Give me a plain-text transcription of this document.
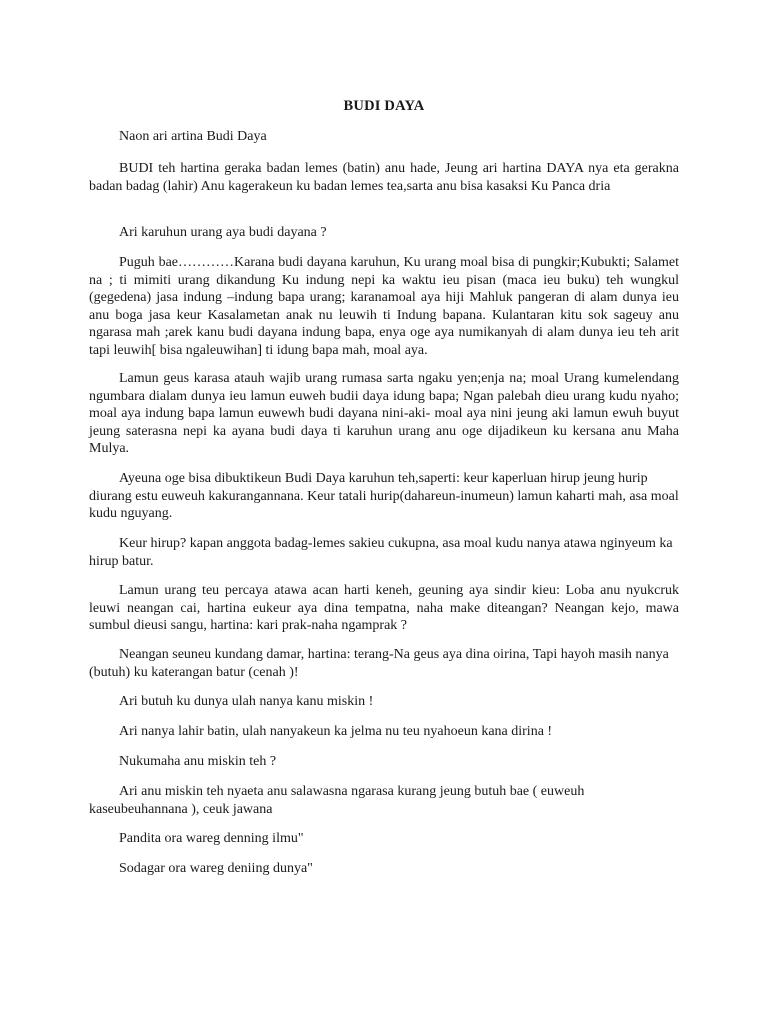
BUDI DAYA

Naon ari artina Budi Daya

BUDI teh hartina geraka badan lemes (batin) anu hade, Jeung ari hartina DAYA nya eta gerakna badan badag (lahir) Anu kagerakeun ku badan lemes tea,sarta anu bisa kasaksi Ku Panca dria

Ari karuhun urang aya budi dayana ?

Puguh bae…………Karana budi dayana karuhun, Ku urang moal bisa di pungkir;Kubukti; Salamet na ; ti mimiti urang dikandung Ku indung nepi ka waktu ieu pisan (maca ieu buku) teh wungkul (gegedena) jasa indung –indung bapa urang; karanamoal aya hiji Mahluk pangeran di alam dunya ieu anu boga jasa keur Kasalametan anak nu leuwih ti Indung bapana. Kulantaran kitu sok sageuy anu ngarasa mah ;arek kanu budi dayana indung bapa, enya oge aya numikanyah di alam dunya ieu teh arit tapi leuwih[ bisa ngaleuwihan] ti idung bapa mah, moal aya.

Lamun geus karasa atauh wajib urang rumasa sarta ngaku yen;enja na; moal Urang kumelendang ngumbara dialam dunya ieu lamun euweh budii daya idung bapa; Ngan palebah dieu urang kudu nyaho; moal aya indung bapa lamun euwewh budi dayana nini-aki- moal aya nini jeung aki lamun ewuh buyut jeung saterasna nepi ka ayana budi daya ti karuhun urang anu oge dijadikeun ku kersana anu Maha Mulya.

Ayeuna oge bisa dibuktikeun Budi Daya karuhun teh,saperti: keur kaperluan hirup jeung hurip diurang estu euweuh kakurangannana. Keur tatali hurip(dahareun-inumeun) lamun kaharti mah, asa moal kudu nguyang.

Keur hirup? kapan anggota badag-lemes sakieu cukupna, asa moal kudu nanya atawa nginyeum ka hirup batur.

Lamun urang teu percaya atawa acan harti keneh, geuning aya sindir kieu: Loba anu nyukcruk leuwi neangan cai, hartina eukeur aya dina tempatna, naha make diteangan? Neangan kejo, mawa sumbul dieusi sangu, hartina: kari prak-naha ngamprak ?

Neangan seuneu kundang damar, hartina: terang-Na geus aya dina oirina, Tapi hayoh masih nanya (butuh) ku katerangan batur (cenah )!

Ari butuh ku dunya ulah nanya kanu miskin !

Ari nanya lahir batin, ulah nanyakeun ka jelma nu teu nyahoeun kana dirina !

Nukumaha anu miskin teh ?

Ari anu miskin teh nyaeta anu salawasna ngarasa kurang jeung butuh bae ( euweuh kaseubeuhannana ), ceuk jawana

Pandita ora wareg denning ilmu"

Sodagar ora wareg deniing dunya"
